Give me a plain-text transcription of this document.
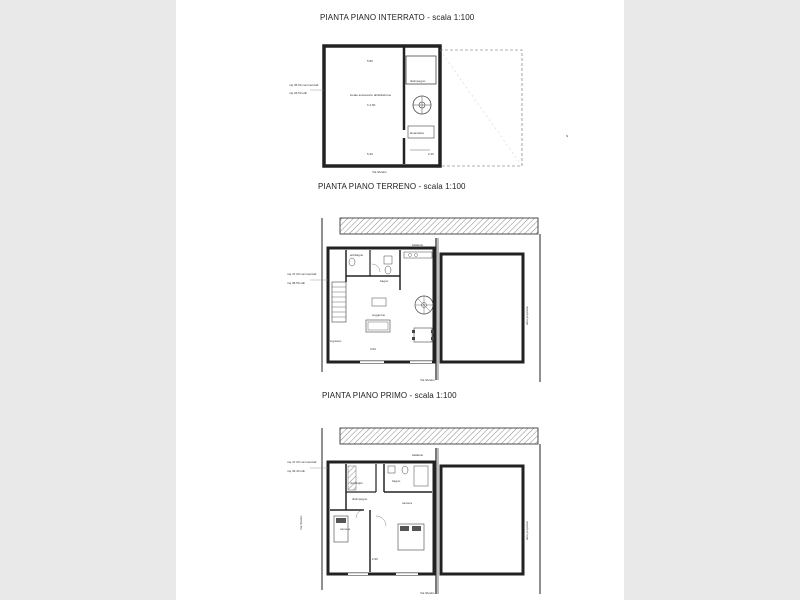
PIANTA PIANO INTERRATO - scala 1:100
PIANTA PIANO TERRENO - scala 1:100
PIANTA PIANO PRIMO - scala 1:100
locale accessorio all'abitazione
h 2.50
disimpegno
lavanderia
5.80
5.30	2.20
mq 35.00 commerciali
mq 26.50 utili
Via Sbodio
N
ballatoio
bagno
antibagno
soggiorno
ingresso
3.00
mq 47.00 commerciali
mq 38.50 utili
Via Sbodio
altra proprietà
ballatoio
ripostiglio
disimpegno
camera
camera
bagno
2.90
mq 47.00 commerciali
mq 36.40 utili
Via Sbodio
Via Sbodio
altra proprietà
